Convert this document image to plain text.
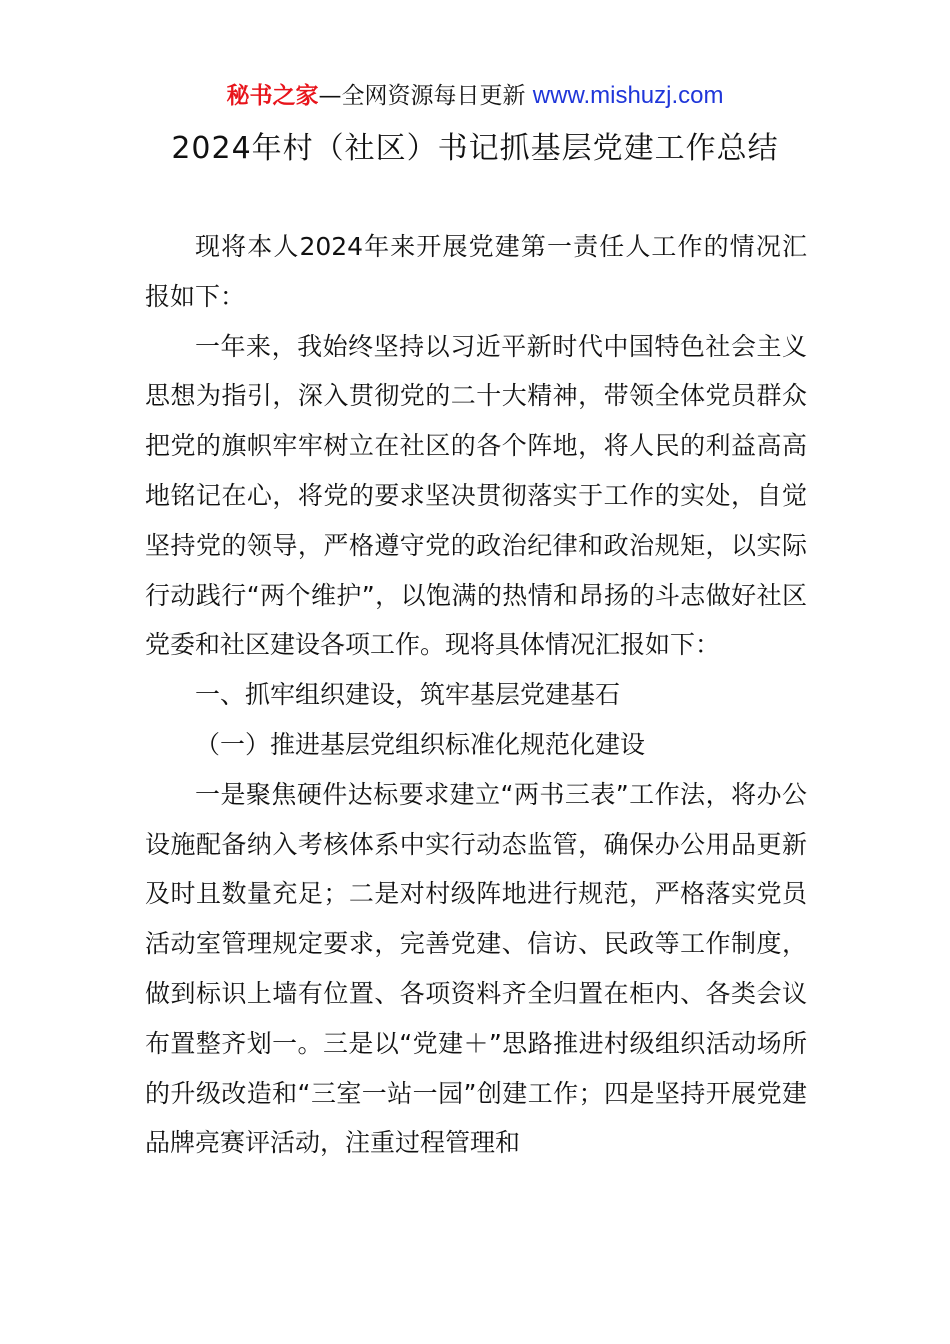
秘书之家—全网资源每日更新 www.mishuzj.com
2024年村（社区）书记抓基层党建工作总结

现将本人2024年来开展党建第一责任人工作的情况汇报如下：

一年来，我始终坚持以习近平新时代中国特色社会主义思想为指引，深入贯彻党的二十大精神，带领全体党员群众把党的旗帜牢牢树立在社区的各个阵地，将人民的利益高高地铭记在心，将党的要求坚决贯彻落实于工作的实处，自觉坚持党的领导，严格遵守党的政治纪律和政治规矩，以实际行动践行“两个维护”，以饱满的热情和昂扬的斗志做好社区党委和社区建设各项工作。现将具体情况汇报如下：

一、抓牢组织建设，筑牢基层党建基石

（一）推进基层党组织标准化规范化建设

一是聚焦硬件达标要求建立“两书三表”工作法，将办公设施配备纳入考核体系中实行动态监管，确保办公用品更新及时且数量充足；二是对村级阵地进行规范，严格落实党员活动室管理规定要求，完善党建、信访、民政等工作制度，做到标识上墙有位置、各项资料齐全归置在柜内、各类会议布置整齐划一。三是以“党建＋”思路推进村级组织活动场所的升级改造和“三室一站一园”创建工作；四是坚持开展党建品牌亮赛评活动，注重过程管理和
